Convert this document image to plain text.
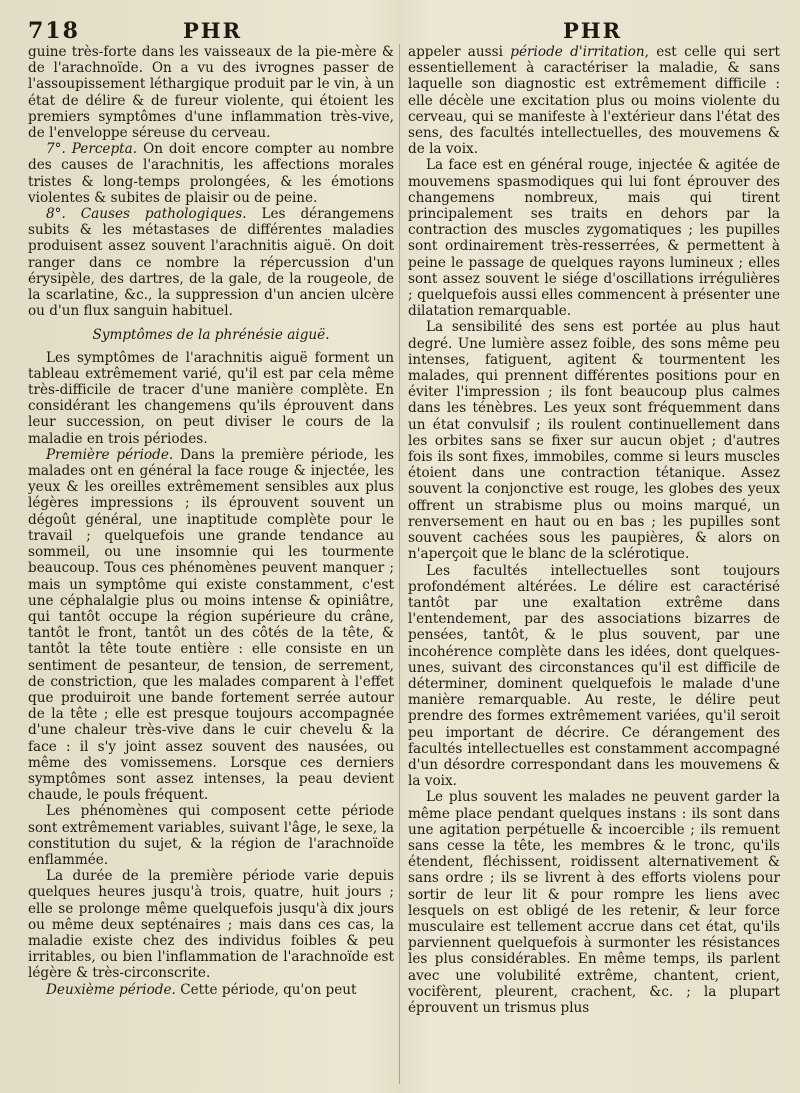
718	PHR	PHR

guine très-forte dans les vaisseaux de la pie-mère & de l'arachnoïde. On a vu des ivrognes passer de l'assoupissement léthargique produit par le vin, à un état de délire & de fureur violente, qui étoient les premiers symptômes d'une inflammation très-vive, de l'enveloppe séreuse du cerveau.

7°. Percepta. On doit encore compter au nombre des causes de l'arachnitis, les affections morales tristes & long-temps prolongées, & les émotions violentes & subites de plaisir ou de peine.

8°. Causes pathologiques. Les dérangemens subits & les métastases de différentes maladies produisent assez souvent l'arachnitis aiguë. On doit ranger dans ce nombre la répercussion d'un érysipèle, des dartres, de la gale, de la rougeole, de la scarlatine, &c., la suppression d'un ancien ulcère ou d'un flux sanguin habituel.

Symptômes de la phrénésie aiguë.

Les symptômes de l'arachnitis aiguë forment un tableau extrêmement varié, qu'il est par cela même très-difficile de tracer d'une manière complète. En considérant les changemens qu'ils éprouvent dans leur succession, on peut diviser le cours de la maladie en trois périodes.

Première période. Dans la première période, les malades ont en général la face rouge & injectée, les yeux & les oreilles extrêmement sensibles aux plus légères impressions ; ils éprouvent souvent un dégoût général, une inaptitude complète pour le travail ; quelquefois une grande tendance au sommeil, ou une insomnie qui les tourmente beaucoup. Tous ces phénomènes peuvent manquer ; mais un symptôme qui existe constamment, c'est une céphalalgie plus ou moins intense & opiniâtre, qui tantôt occupe la région supérieure du crâne, tantôt le front, tantôt un des côtés de la tête, & tantôt la tête toute entière : elle consiste en un sentiment de pesanteur, de tension, de serrement, de constriction, que les malades comparent à l'effet que produiroit une bande fortement serrée autour de la tête ; elle est presque toujours accompagnée d'une chaleur très-vive dans le cuir chevelu & la face : il s'y joint assez souvent des nausées, ou même des vomissemens. Lorsque ces derniers symptômes sont assez intenses, la peau devient chaude, le pouls fréquent.

Les phénomènes qui composent cette période sont extrêmement variables, suivant l'âge, le sexe, la constitution du sujet, & la région de l'arachnoïde enflammée.

La durée de la première période varie depuis quelques heures jusqu'à trois, quatre, huit jours ; elle se prolonge même quelquefois jusqu'à dix jours ou même deux septénaires ; mais dans ces cas, la maladie existe chez des individus foibles & peu irritables, ou bien l'inflammation de l'arachnoïde est légère & très-circonscrite.

Deuxième période. Cette période, qu'on peut

appeler aussi période d'irritation, est celle qui sert essentiellement à caractériser la maladie, & sans laquelle son diagnostic est extrêmement difficile : elle décèle une excitation plus ou moins violente du cerveau, qui se manifeste à l'extérieur dans l'état des sens, des facultés intellectuelles, des mouvemens & de la voix.

La face est en général rouge, injectée & agitée de mouvemens spasmodiques qui lui font éprouver des changemens nombreux, mais qui tirent principalement ses traits en dehors par la contraction des muscles zygomatiques ; les pupilles sont ordinairement très-resserrées, & permettent à peine le passage de quelques rayons lumineux ; elles sont assez souvent le siége d'oscillations irrégulières ; quelquefois aussi elles commencent à présenter une dilatation remarquable.

La sensibilité des sens est portée au plus haut degré. Une lumière assez foible, des sons même peu intenses, fatiguent, agitent & tourmentent les malades, qui prennent différentes positions pour en éviter l'impression ; ils font beaucoup plus calmes dans les ténèbres. Les yeux sont fréquemment dans un état convulsif ; ils roulent continuellement dans les orbites sans se fixer sur aucun objet ; d'autres fois ils sont fixes, immobiles, comme si leurs muscles étoient dans une contraction tétanique. Assez souvent la conjonctive est rouge, les globes des yeux offrent un strabisme plus ou moins marqué, un renversement en haut ou en bas ; les pupilles sont souvent cachées sous les paupières, & alors on n'aperçoit que le blanc de la sclérotique.

Les facultés intellectuelles sont toujours profondément altérées. Le délire est caractérisé tantôt par une exaltation extrême dans l'entendement, par des associations bizarres de pensées, tantôt, & le plus souvent, par une incohérence complète dans les idées, dont quelques-unes, suivant des circonstances qu'il est difficile de déterminer, dominent quelquefois le malade d'une manière remarquable. Au reste, le délire peut prendre des formes extrêmement variées, qu'il seroit peu important de décrire. Ce dérangement des facultés intellectuelles est constamment accompagné d'un désordre correspondant dans les mouvemens & la voix.

Le plus souvent les malades ne peuvent garder la même place pendant quelques instans : ils sont dans une agitation perpétuelle & incoercible ; ils remuent sans cesse la tête, les membres & le tronc, qu'ils étendent, fléchissent, roidissent alternativement & sans ordre ; ils se livrent à des efforts violens pour sortir de leur lit & pour rompre les liens avec lesquels on est obligé de les retenir, & leur force musculaire est tellement accrue dans cet état, qu'ils parviennent quelquefois à surmonter les résistances les plus considérables. En même temps, ils parlent avec une volubilité extrême, chantent, crient, vocifèrent, pleurent, crachent, &c. ; la plupart éprouvent un trismus plus
